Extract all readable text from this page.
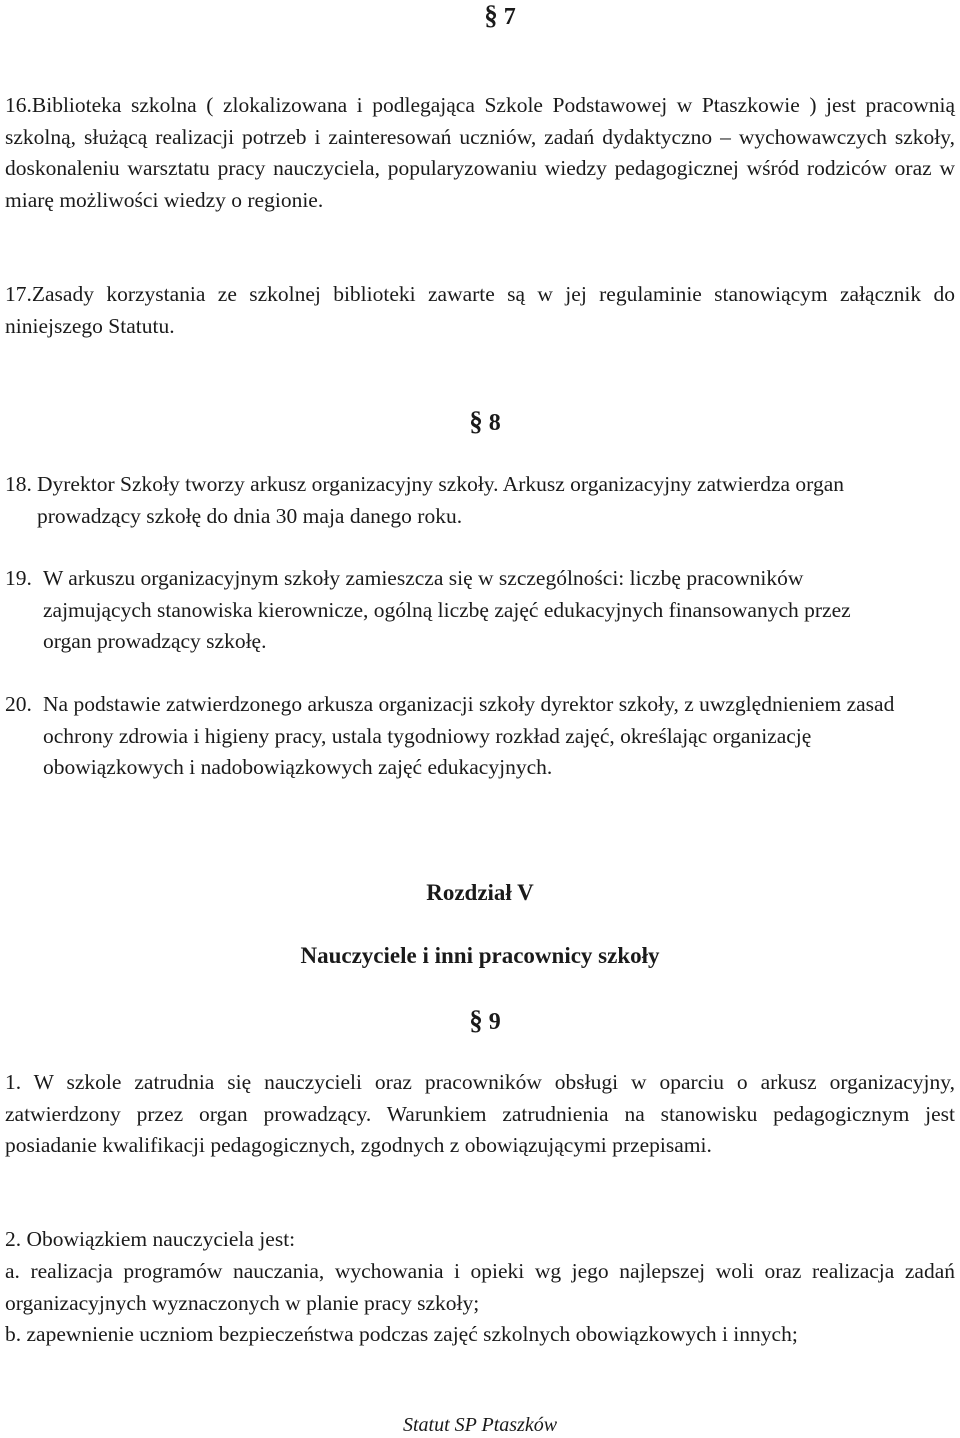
§ 7
16.Biblioteka szkolna ( zlokalizowana i podlegająca Szkole Podstawowej w Ptaszkowie ) jest pracownią szkolną, służącą realizacji potrzeb i zainteresowań uczniów, zadań dydaktyczno – wychowawczych szkoły, doskonaleniu warsztatu pracy nauczyciela, popularyzowaniu wiedzy pedagogicznej wśród rodziców oraz w miarę możliwości wiedzy o regionie.
17.Zasady korzystania ze szkolnej biblioteki zawarte są w jej regulaminie stanowiącym załącznik do niniejszego Statutu.
§ 8
18. Dyrektor Szkoły tworzy arkusz organizacyjny szkoły. Arkusz organizacyjny zatwierdza organ prowadzący szkołę do dnia 30 maja danego roku.
19. W arkuszu organizacyjnym szkoły zamieszcza się w szczególności: liczbę pracowników zajmujących stanowiska kierownicze, ogólną liczbę zajęć edukacyjnych finansowanych przez organ prowadzący szkołę.
20. Na podstawie zatwierdzonego arkusza organizacji szkoły dyrektor szkoły, z uwzględnieniem zasad ochrony zdrowia i higieny pracy, ustala tygodniowy rozkład zajęć, określając organizację obowiązkowych i nadobowiązkowych zajęć edukacyjnych.
Rozdział V
Nauczyciele i inni pracownicy szkoły
§ 9
1. W szkole zatrudnia się nauczycieli oraz pracowników obsługi w oparciu o arkusz organizacyjny, zatwierdzony przez organ prowadzący. Warunkiem zatrudnienia na stanowisku pedagogicznym jest posiadanie kwalifikacji pedagogicznych, zgodnych z obowiązującymi przepisami.
2. Obowiązkiem nauczyciela jest:
a. realizacja programów nauczania, wychowania i opieki wg jego najlepszej woli oraz realizacja zadań organizacyjnych wyznaczonych w planie pracy szkoły;
b. zapewnienie uczniom bezpieczeństwa podczas zajęć szkolnych obowiązkowych i innych;
Statut SP Ptaszków
